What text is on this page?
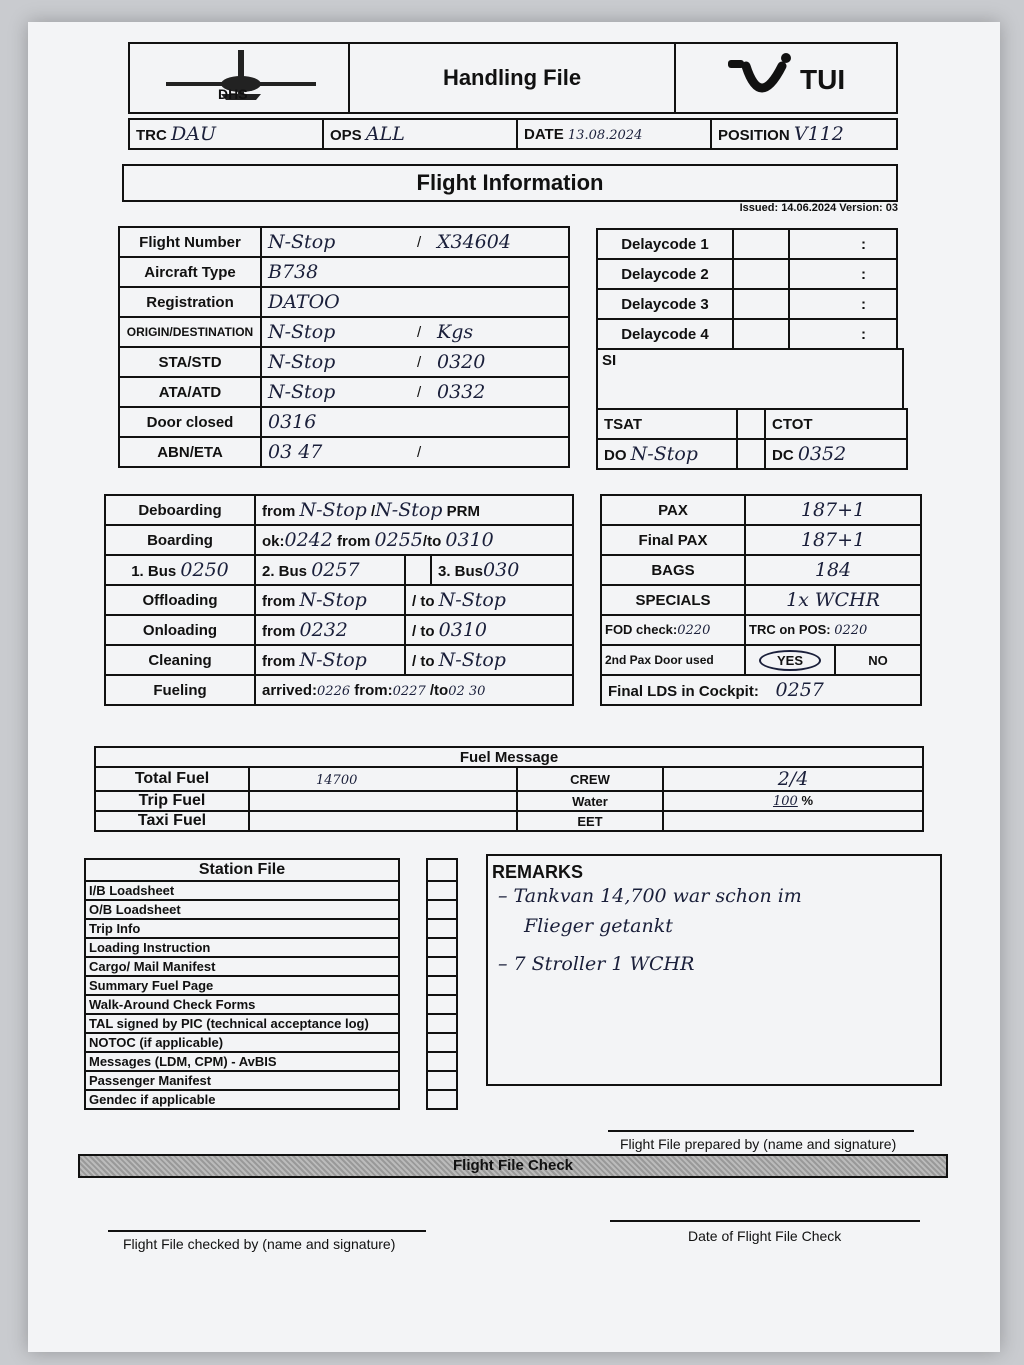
DHS
Handling File	TUI
TRC DAU	OPS ALL	DATE 13.08.2024	POSITION V112
Flight Information
Issued: 14.06.2024 Version: 03
Flight Number	N-Stop	/	X34604
Aircraft Type	B738		
Registration	DATOO		
ORIGIN/DESTINATION	N-Stop	/	Kgs
STA/STD	N-Stop	/	0320
ATA/ATD	N-Stop	/	0332
Door closed	0316		
ABN/ETA	03 47	/	
Delaycode 1		:
Delaycode 2		:
Delaycode 3		:
Delaycode 4		:
SI
TSAT		CTOT
DO N-Stop		DC 0352
Deboarding	from N-Stop /N-Stop PRM		
Boarding	ok:0242 from 0255/to 0310		
1. Bus 0250	2. Bus 0257		3. Bus030
Offloading	from N-Stop	/ to N-Stop	
Onloading	from 0232	/ to 0310	
Cleaning	from N-Stop	/ to N-Stop	
Fueling	arrived:0226 from:0227 /to02 30		
PAX	187+1	
Final PAX	187+1	
BAGS	184	
SPECIALS	1x WCHR	
FOD check:0220	TRC on POS: 0220	
2nd Pax Door used	YES	NO
Final LDS in Cockpit: 0257		
Fuel Message			
Total Fuel	14700	CREW	2/4
Trip Fuel		Water	100 %
Taxi Fuel		EET	
Station File
I/B Loadsheet
O/B Loadsheet
Trip Info
Loading Instruction
Cargo/ Mail Manifest
Summary Fuel Page
Walk-Around Check Forms
TAL signed by PIC (technical acceptance log)
NOTOC (if applicable)
Messages (LDM, CPM) - AvBIS
Passenger Manifest
Gendec if applicable

REMARKS
– Tankvan 14,700 war schon im
Flieger getankt
– 7 Stroller 1 WCHR
Flight File prepared by (name and signature)
Flight File Check
Flight File checked by (name and signature)	Date of Flight File Check
